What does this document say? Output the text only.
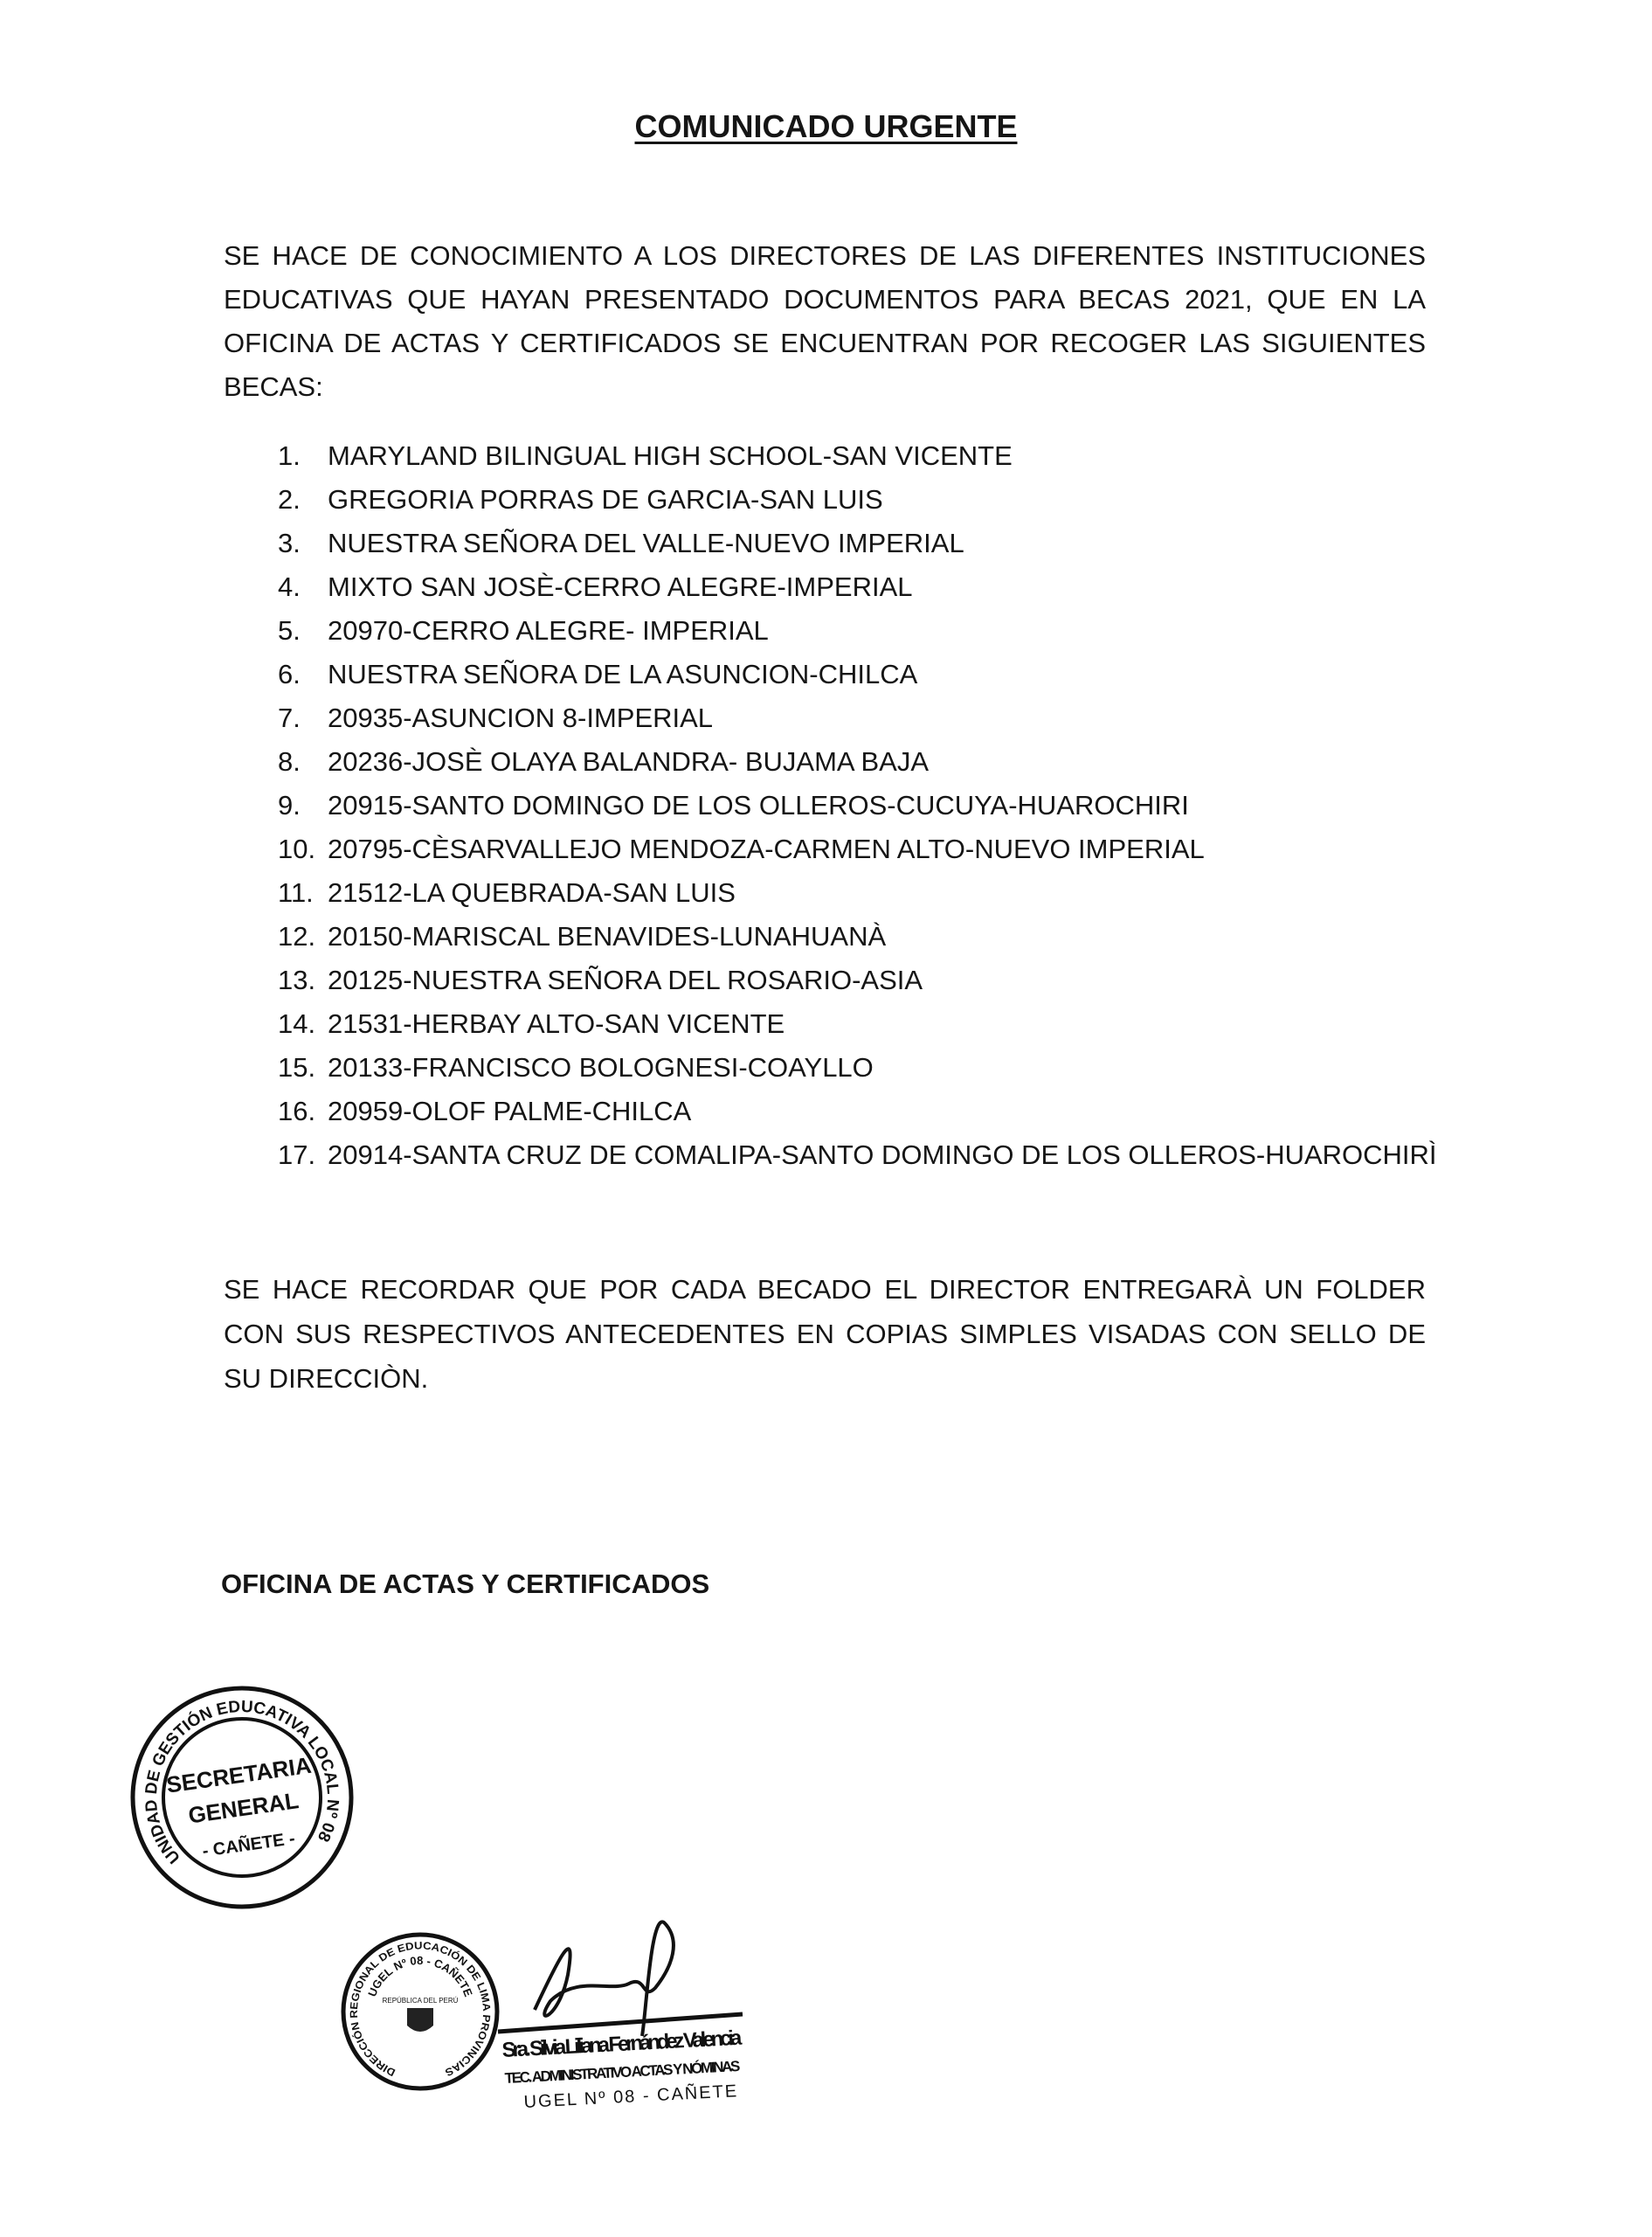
COMUNICADO URGENTE
SE HACE DE CONOCIMIENTO A LOS DIRECTORES DE LAS DIFERENTES INSTITUCIONES EDUCATIVAS QUE HAYAN PRESENTADO DOCUMENTOS PARA BECAS 2021, QUE EN LA OFICINA DE ACTAS Y CERTIFICADOS SE ENCUENTRAN POR RECOGER LAS SIGUIENTES BECAS:
1.	MARYLAND BILINGUAL HIGH SCHOOL-SAN VICENTE
2.	GREGORIA PORRAS DE GARCIA-SAN LUIS
3.	NUESTRA SEÑORA DEL VALLE-NUEVO IMPERIAL
4.	MIXTO SAN JOSÈ-CERRO ALEGRE-IMPERIAL
5.	20970-CERRO ALEGRE- IMPERIAL
6.	NUESTRA SEÑORA DE LA ASUNCION-CHILCA
7.	20935-ASUNCION 8-IMPERIAL
8.	20236-JOSÈ OLAYA BALANDRA- BUJAMA BAJA
9.	20915-SANTO DOMINGO DE LOS OLLEROS-CUCUYA-HUAROCHIRI
10. 20795-CÈSARVALLEJO MENDOZA-CARMEN ALTO-NUEVO IMPERIAL
11. 21512-LA QUEBRADA-SAN LUIS
12. 20150-MARISCAL BENAVIDES-LUNAHUANÀ
13. 20125-NUESTRA SEÑORA DEL ROSARIO-ASIA
14. 21531-HERBAY ALTO-SAN VICENTE
15. 20133-FRANCISCO BOLOGNESI-COAYLLO
16. 20959-OLOF PALME-CHILCA
17. 20914-SANTA CRUZ DE COMALIPA-SANTO DOMINGO DE LOS OLLEROS-HUAROCHIRÌ
SE HACE RECORDAR QUE POR CADA BECADO EL DIRECTOR ENTREGARÀ UN FOLDER CON SUS RESPECTIVOS ANTECEDENTES EN COPIAS SIMPLES VISADAS CON SELLO DE SU DIRECCIÒN.
OFICINA DE ACTAS Y CERTIFICADOS
UNIDAD DE GESTIÓN EDUCATIVA LOCAL Nº 08
SECRETARIA
GENERAL
- CAÑETE -
DIRECCIÓN REGIONAL DE EDUCACIÓN DE LIMA PROVINCIAS
UGEL Nº 08 - CAÑETE
REPÚBLICA DEL PERÚ
Sra. Silvia Liliana Fernández Valencia
TEC. ADMINISTRATIVO ACTAS Y NÓMINAS
UGEL Nº 08 - CAÑETE
